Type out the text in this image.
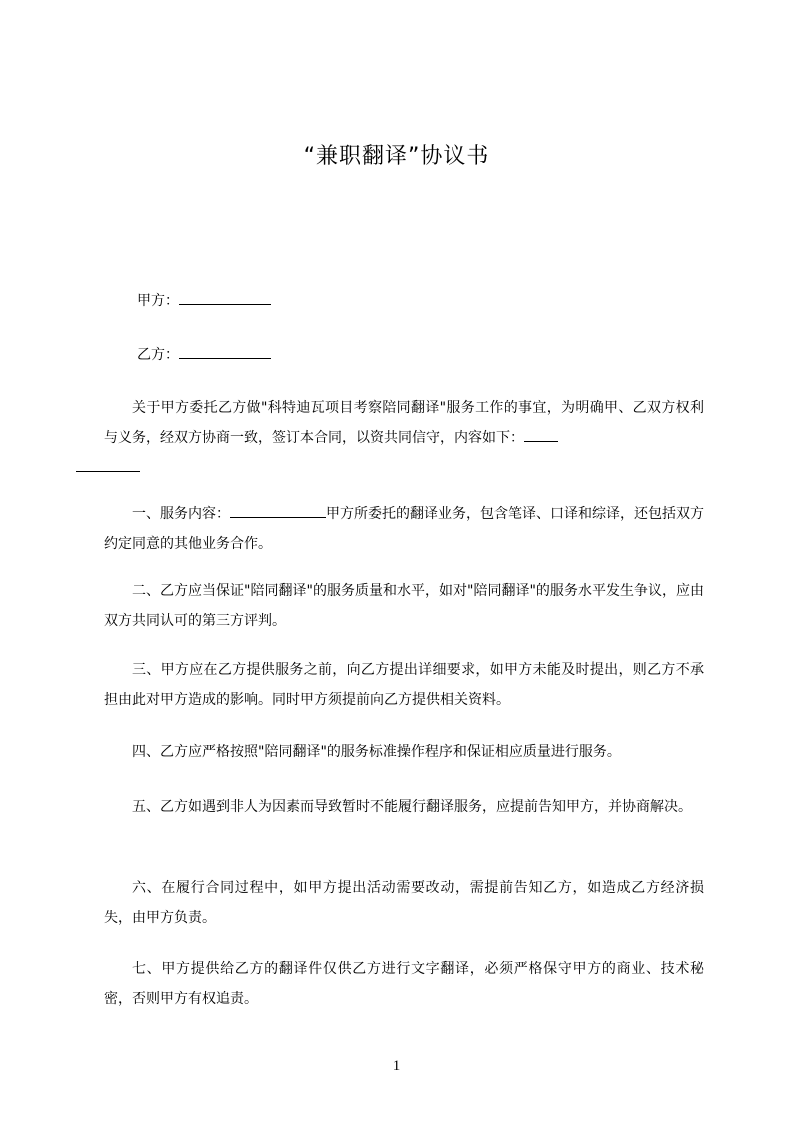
“兼职翻译”协议书
甲方：
乙方：
关于甲方委托乙方做"科特迪瓦项目考察陪同翻译"服务工作的事宜，为明确甲、乙双方权利与义务，经双方协商一致，签订本合同，以资共同信守，内容如下：

一、服务内容：	甲方所委托的翻译业务，包含笔译、口译和综译，还包括双方约定同意的其他业务合作。
二、乙方应当保证"陪同翻译"的服务质量和水平，如对"陪同翻译"的服务水平发生争议，应由双方共同认可的第三方评判。
三、甲方应在乙方提供服务之前，向乙方提出详细要求，如甲方未能及时提出，则乙方不承担由此对甲方造成的影响。同时甲方须提前向乙方提供相关资料。
四、乙方应严格按照"陪同翻译"的服务标准操作程序和保证相应质量进行服务。
五、乙方如遇到非人为因素而导致暂时不能履行翻译服务，应提前告知甲方，并协商解决。
六、在履行合同过程中，如甲方提出活动需要改动，需提前告知乙方，如造成乙方经济损失，由甲方负责。
七、甲方提供给乙方的翻译件仅供乙方进行文字翻译，必须严格保守甲方的商业、技术秘密，否则甲方有权追责。
1
